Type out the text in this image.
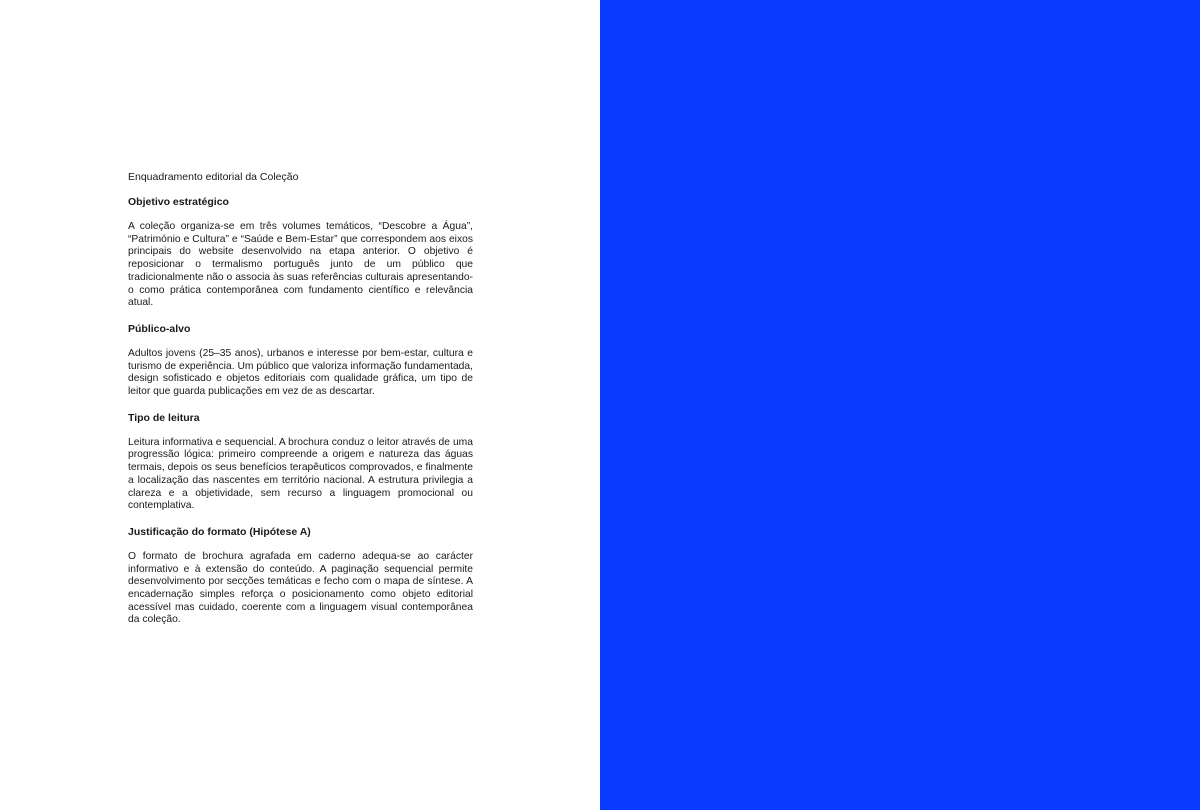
Enquadramento editorial da Coleção

Objetivo estratégico

A coleção organiza-se em três volumes temáticos, “Descobre a Água”, “Património e Cultura” e “Saúde e Bem-Estar” que correspondem aos eixos principais do website desenvolvido na etapa anterior. O objetivo é reposicionar o termalismo português junto de um público que tradicionalmente não o associa às suas referências culturais apresentando-o como prática contemporânea com fundamento científico e relevância atual.

Público-alvo

Adultos jovens (25–35 anos), urbanos e interesse por bem-estar, cultura e turismo de experiência. Um público que valoriza informação fundamentada, design sofisticado e objetos editoriais com qualidade gráfica, um tipo de leitor que guarda publicações em vez de as descartar.

Tipo de leitura

Leitura informativa e sequencial. A brochura conduz o leitor através de uma progressão lógica: primeiro compreende a origem e natureza das águas termais, depois os seus benefícios terapêuticos comprovados, e finalmente a localização das nascentes em território nacional. A estrutura privilegia a clareza e a objetividade, sem recurso a linguagem promocional ou contemplativa.

Justificação do formato (Hipótese A)

O formato de brochura agrafada em caderno adequa-se ao carácter informativo e à extensão do conteúdo. A paginação sequencial permite desenvolvimento por secções temáticas e fecho com o mapa de síntese. A encadernação simples reforça o posicionamento como objeto editorial acessível mas cuidado, coerente com a linguagem visual contemporânea da coleção.
